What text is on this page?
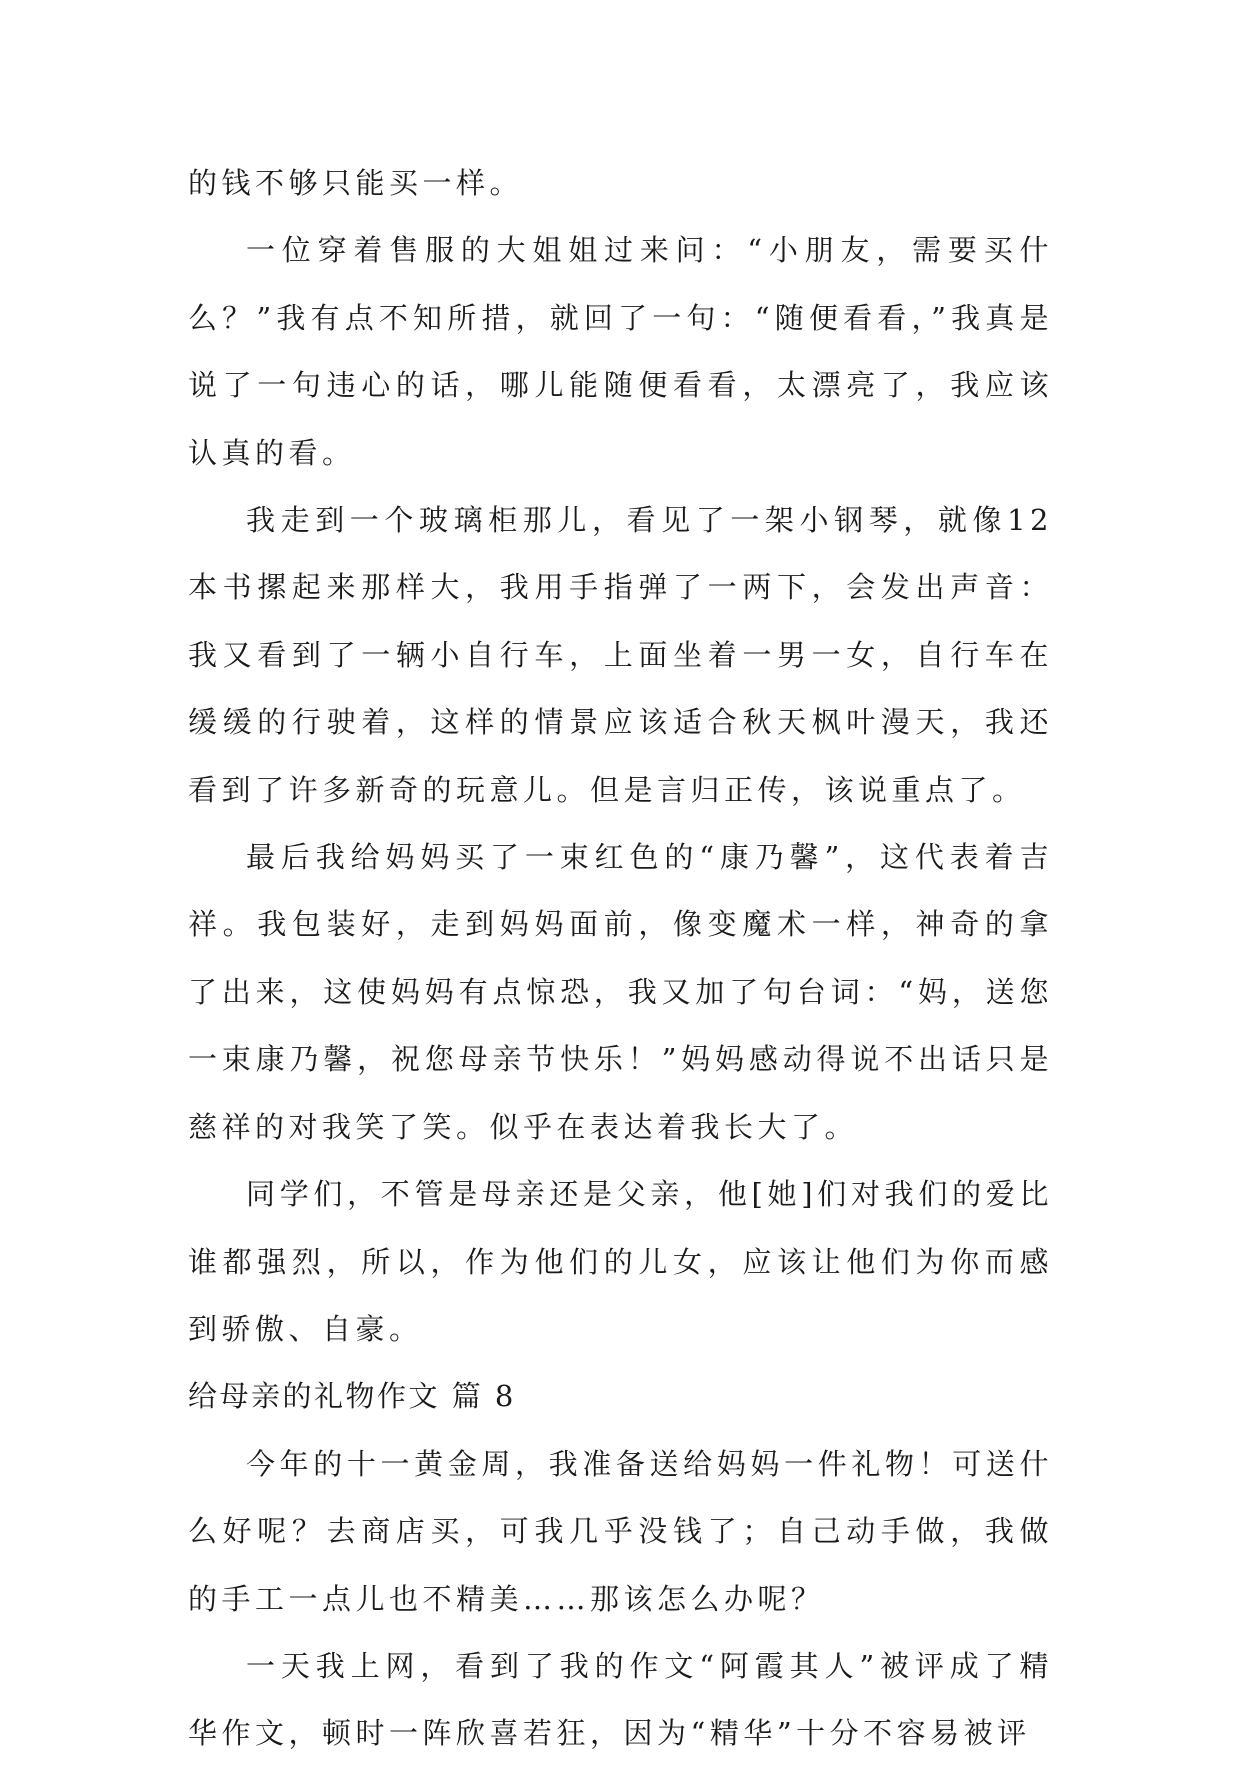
的钱不够只能买一样。

一位穿着售服的大姐姐过来问：“小朋友，需要买什么？”我有点不知所措，就回了一句：“随便看看，”我真是说了一句违心的话，哪儿能随便看看，太漂亮了，我应该认真的看。

我走到一个玻璃柜那儿，看见了一架小钢琴，就像12本书摞起来那样大，我用手指弹了一两下，会发出声音：我又看到了一辆小自行车，上面坐着一男一女，自行车在缓缓的行驶着，这样的情景应该适合秋天枫叶漫天，我还看到了许多新奇的玩意儿。但是言归正传，该说重点了。

最后我给妈妈买了一束红色的“康乃馨”，这代表着吉祥。我包装好，走到妈妈面前，像变魔术一样，神奇的拿了出来，这使妈妈有点惊恐，我又加了句台词：“妈，送您一束康乃馨，祝您母亲节快乐！”妈妈感动得说不出话只是慈祥的对我笑了笑。似乎在表达着我长大了。

同学们，不管是母亲还是父亲，他[她]们对我们的爱比谁都强烈，所以，作为他们的儿女，应该让他们为你而感到骄傲、自豪。

给母亲的礼物作文 篇 8

今年的十一黄金周，我准备送给妈妈一件礼物！可送什么好呢？去商店买，可我几乎没钱了；自己动手做，我做的手工一点儿也不精美……那该怎么办呢？

一天我上网，看到了我的作文“阿霞其人”被评成了精华作文，顿时一阵欣喜若狂，因为“精华”十分不容易被评
